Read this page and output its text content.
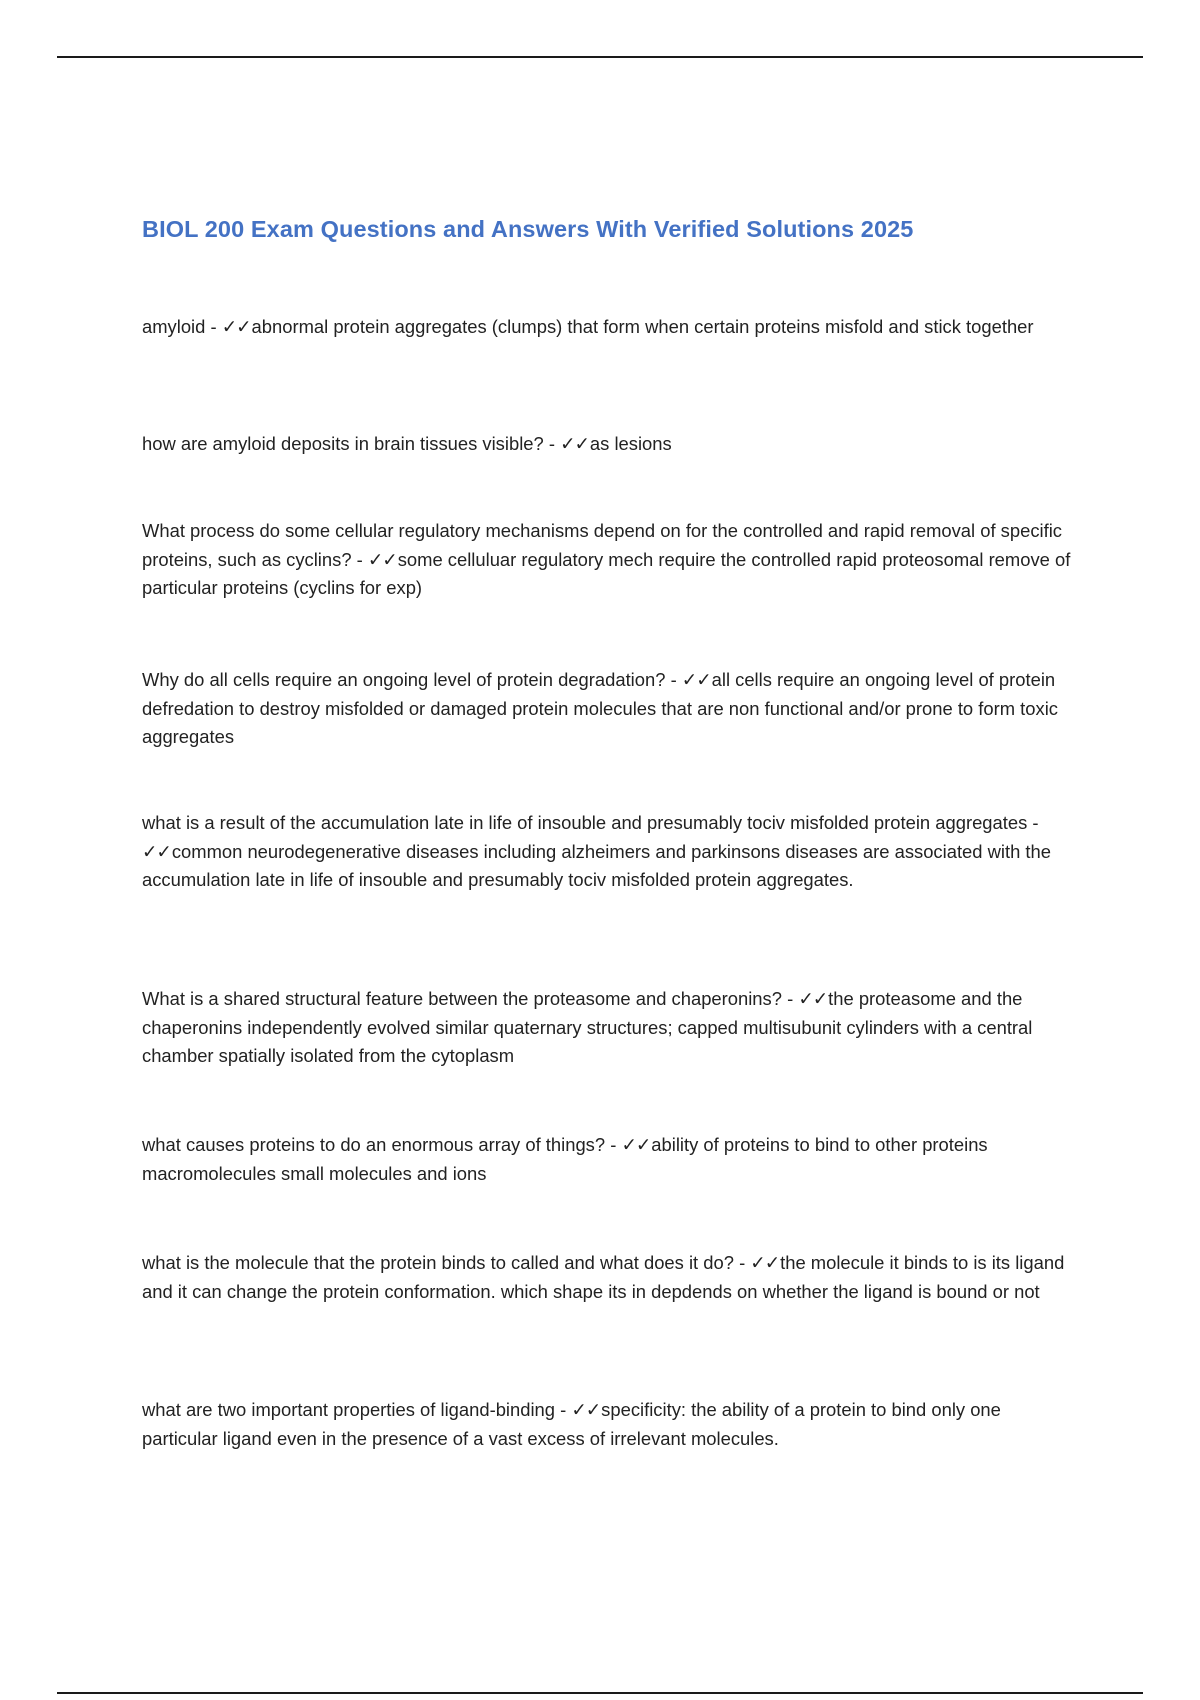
BIOL 200 Exam Questions and Answers With Verified Solutions 2025

amyloid - ✓✓abnormal protein aggregates (clumps) that form when certain proteins misfold and stick together

how are amyloid deposits in brain tissues visible? - ✓✓as lesions

What process do some cellular regulatory mechanisms depend on for the controlled and rapid removal of specific proteins, such as cyclins? - ✓✓some celluluar regulatory mech require the controlled rapid proteosomal remove of particular proteins (cyclins for exp)

Why do all cells require an ongoing level of protein degradation? - ✓✓all cells require an ongoing level of protein defredation to destroy misfolded or damaged protein molecules that are non functional and/or prone to form toxic aggregates

what is a result of the accumulation late in life of insouble and presumably tociv misfolded protein aggregates - ✓✓common neurodegenerative diseases including alzheimers and parkinsons diseases are associated with the accumulation late in life of insouble and presumably tociv misfolded protein aggregates.

What is a shared structural feature between the proteasome and chaperonins? - ✓✓the proteasome and the chaperonins independently evolved similar quaternary structures; capped multisubunit cylinders with a central chamber spatially isolated from the cytoplasm

what causes proteins to do an enormous array of things? - ✓✓ability of proteins to bind to other proteins macromolecules small molecules and ions

what is the molecule that the protein binds to called and what does it do? - ✓✓the molecule it binds to is its ligand and it can change the protein conformation. which shape its in depdends on whether the ligand is bound or not

what are two important properties of ligand-binding - ✓✓specificity: the ability of a protein to bind only one particular ligand even in the presence of a vast excess of irrelevant molecules.
